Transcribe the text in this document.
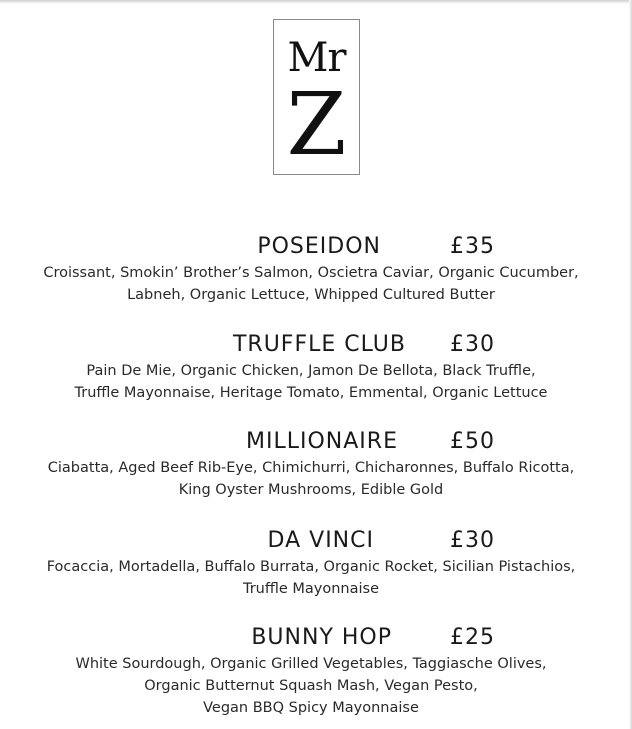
Mr
Z
POSEIDON	£35
Croissant, Smokin’ Brother’s Salmon, Oscietra Caviar, Organic Cucumber,
Labneh, Organic Lettuce, Whipped Cultured Butter
TRUFFLE CLUB £30
Pain De Mie, Organic Chicken, Jamon De Bellota, Black Truffle,
Truffle Mayonnaise, Heritage Tomato, Emmental, Organic Lettuce
MILLIONAIRE £50
Ciabatta, Aged Beef Rib-Eye, Chimichurri, Chicharonnes, Buffalo Ricotta,
King Oyster Mushrooms, Edible Gold
DA VINCI	£30
Focaccia, Mortadella, Buffalo Burrata, Organic Rocket, Sicilian Pistachios,
Truffle Mayonnaise
BUNNY HOP	£25
White Sourdough, Organic Grilled Vegetables, Taggiasche Olives,
Organic Butternut Squash Mash, Vegan Pesto,
Vegan BBQ Spicy Mayonnaise
